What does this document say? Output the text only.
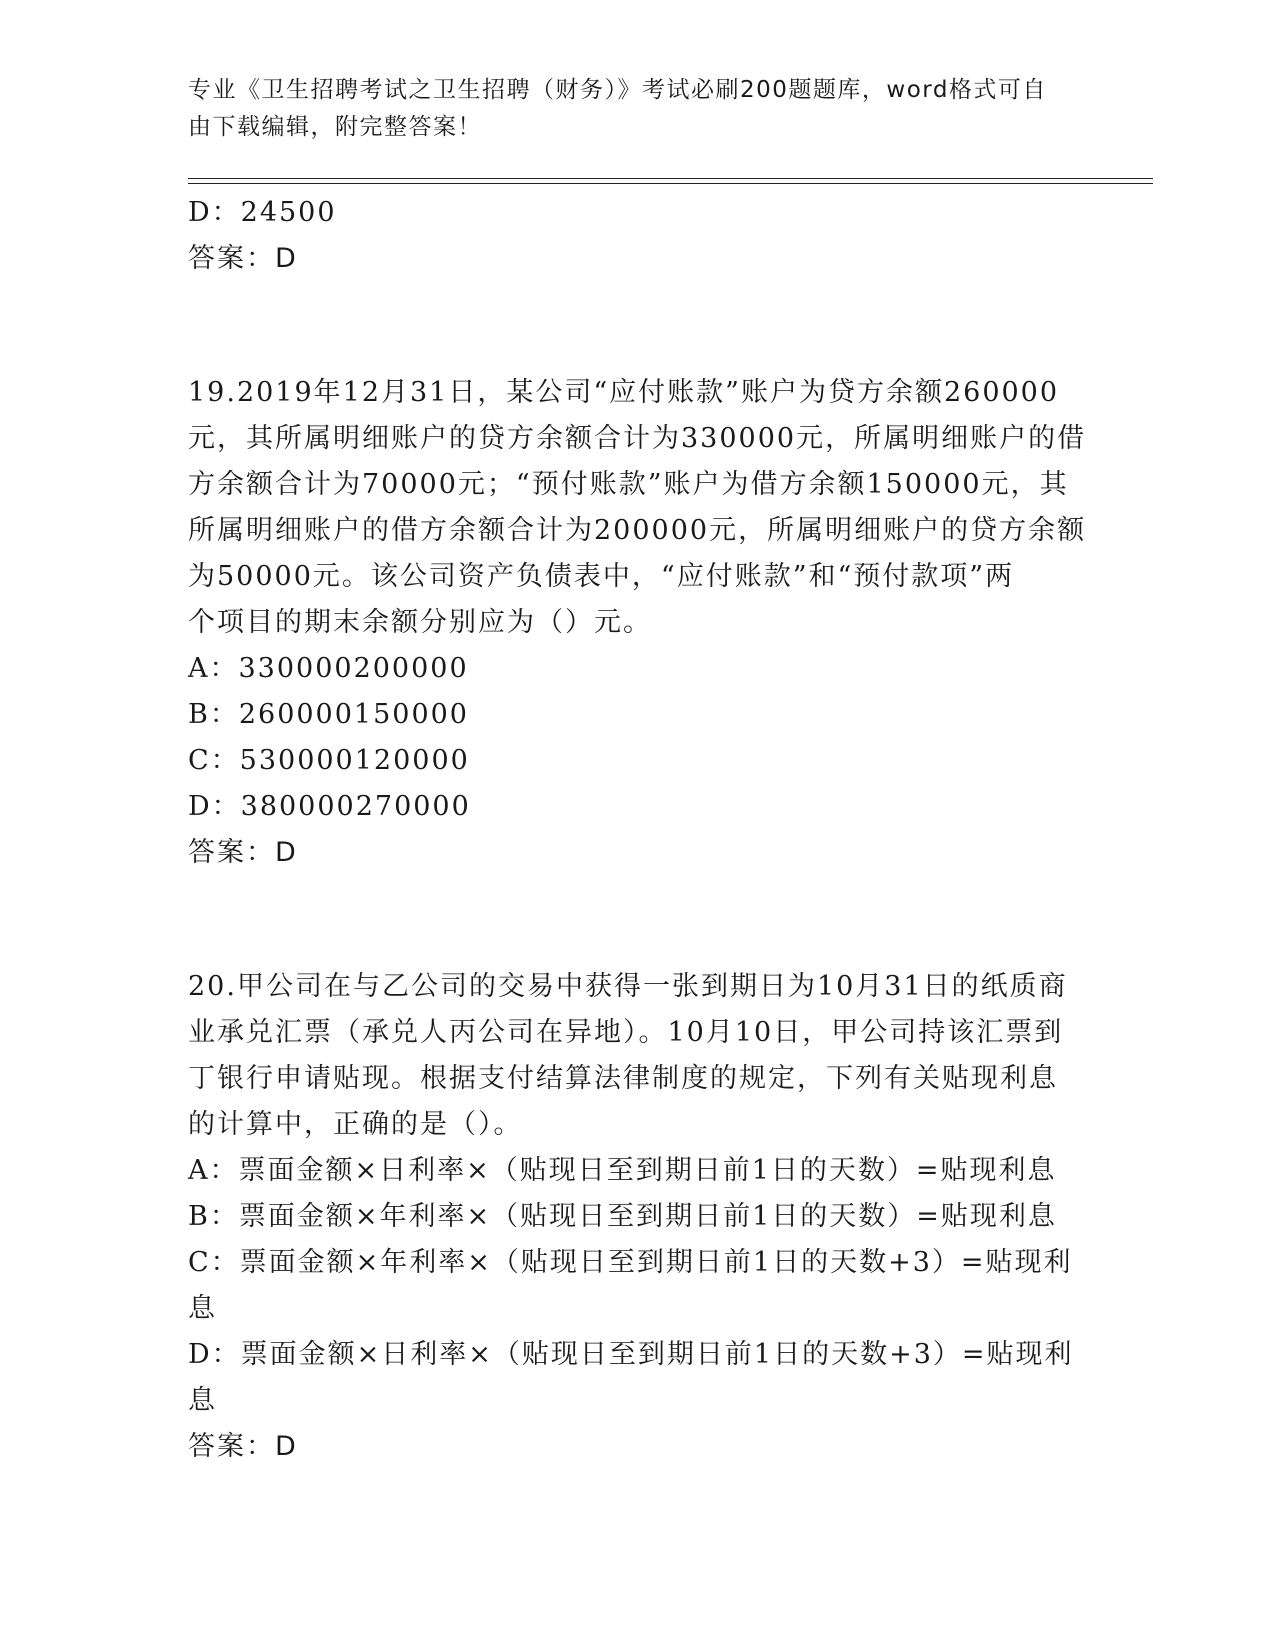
专业《卫生招聘考试之卫生招聘（财务）》考试必刷200题题库，word格式可自
由下载编辑，附完整答案！
D：24500
答案：D
19.2019年12月31日，某公司“应付账款”账户为贷方余额260000
元，其所属明细账户的贷方余额合计为330000元，所属明细账户的借
方余额合计为70000元；“预付账款”账户为借方余额150000元，其
所属明细账户的借方余额合计为200000元，所属明细账户的贷方余额
为50000元。该公司资产负债表中，“应付账款”和“预付款项”两
个项目的期末余额分别应为（）元。
A：330000200000
B：260000150000
C：530000120000
D：380000270000
答案：D
20.甲公司在与乙公司的交易中获得一张到期日为10月31日的纸质商
业承兑汇票（承兑人丙公司在异地）。10月10日，甲公司持该汇票到
丁银行申请贴现。根据支付结算法律制度的规定，下列有关贴现利息
的计算中，正确的是（）。
A：票面金额×日利率×（贴现日至到期日前1日的天数）=贴现利息
B：票面金额×年利率×（贴现日至到期日前1日的天数）=贴现利息
C：票面金额×年利率×（贴现日至到期日前1日的天数+3）=贴现利
息
D：票面金额×日利率×（贴现日至到期日前1日的天数+3）=贴现利
息
答案：D
